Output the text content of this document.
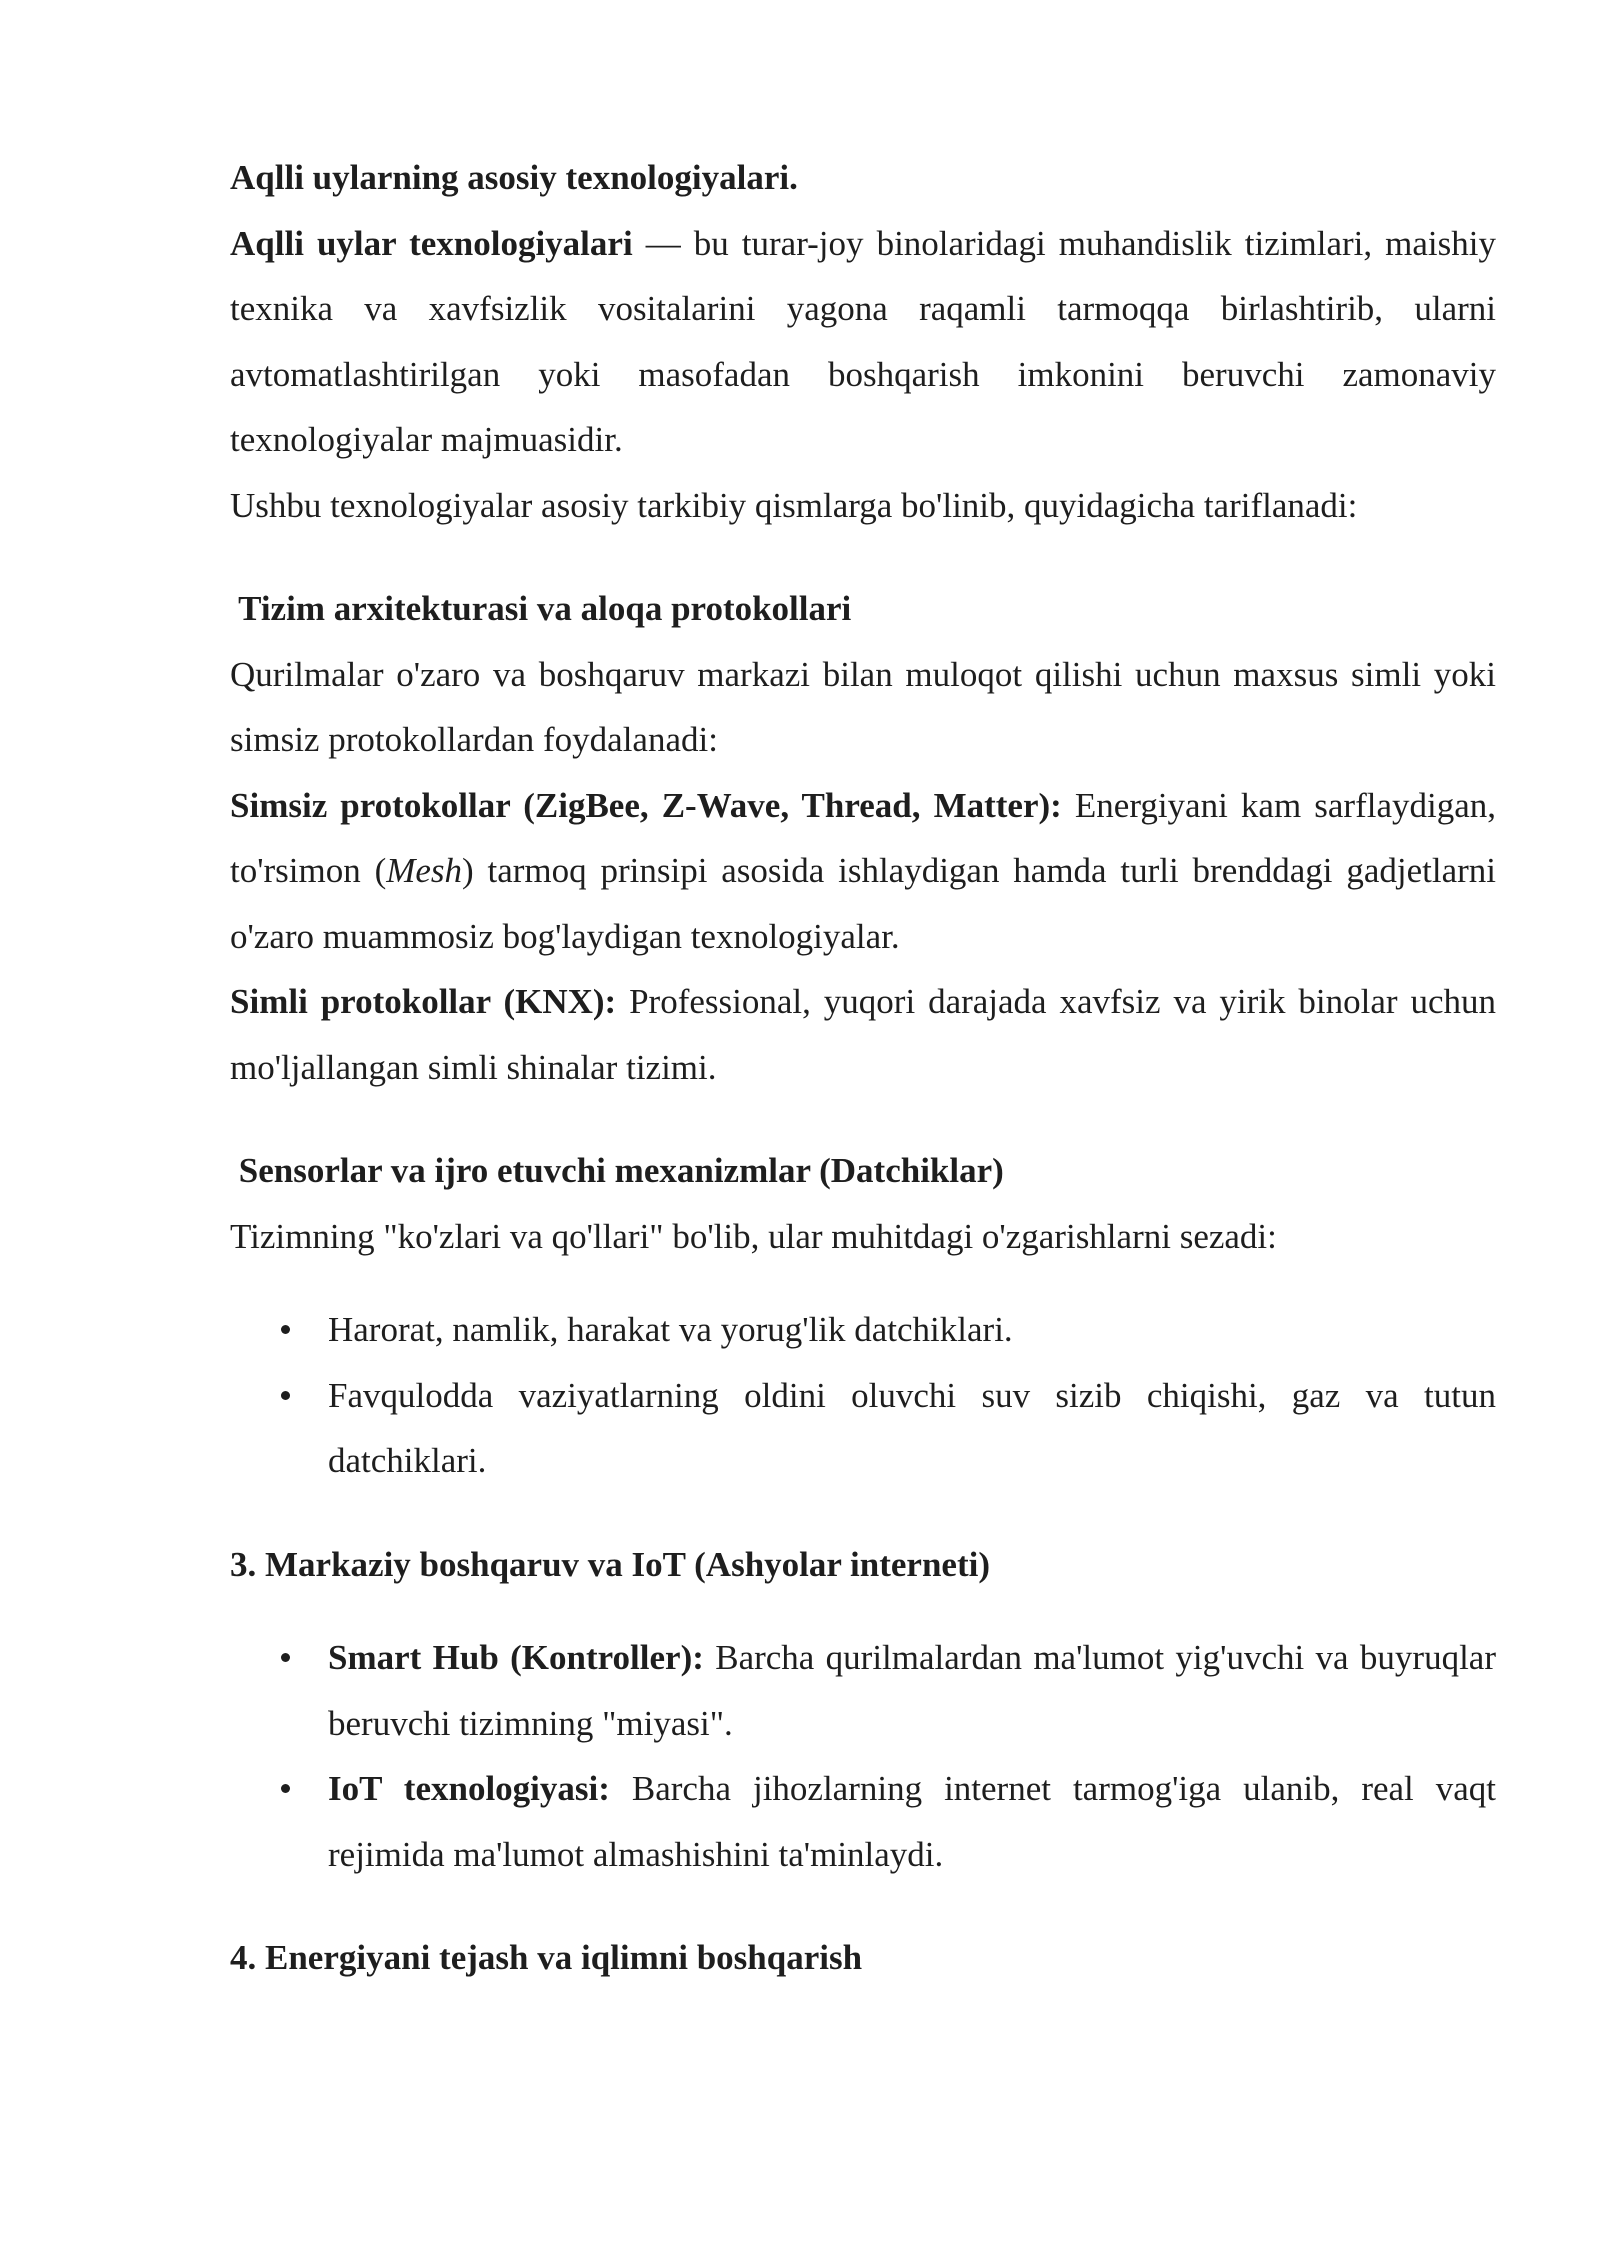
Aqlli uylarning asosiy texnologiyalari.

Aqlli uylar texnologiyalari — bu turar-joy binolaridagi muhandislik tizimlari, maishiy texnika va xavfsizlik vositalarini yagona raqamli tarmoqqa birlashtirib, ularni avtomatlashtirilgan yoki masofadan boshqarish imkonini beruvchi zamonaviy texnologiyalar majmuasidir.

Ushbu texnologiyalar asosiy tarkibiy qismlarga bo'linib, quyidagicha tariflanadi:

Tizim arxitekturasi va aloqa protokollari

Qurilmalar o'zaro va boshqaruv markazi bilan muloqot qilishi uchun maxsus simli yoki simsiz protokollardan foydalanadi:

Simsiz protokollar (ZigBee, Z-Wave, Thread, Matter): Energiyani kam sarflaydigan, to'rsimon (Mesh) tarmoq prinsipi asosida ishlaydigan hamda turli brenddagi gadjetlarni o'zaro muammosiz bog'laydigan texnologiyalar.

Simli protokollar (KNX): Professional, yuqori darajada xavfsiz va yirik binolar uchun mo'ljallangan simli shinalar tizimi.

Sensorlar va ijro etuvchi mexanizmlar (Datchiklar)

Tizimning "ko'zlari va qo'llari" bo'lib, ular muhitdagi o'zgarishlarni sezadi:

Harorat, namlik, harakat va yorug'lik datchiklari.
Favqulodda vaziyatlarning oldini oluvchi suv sizib chiqishi, gaz va tutun datchiklari.

3. Markaziy boshqaruv va IoT (Ashyolar interneti)

Smart Hub (Kontroller): Barcha qurilmalardan ma'lumot yig'uvchi va buyruqlar beruvchi tizimning "miyasi".
IoT texnologiyasi: Barcha jihozlarning internet tarmog'iga ulanib, real vaqt rejimida ma'lumot almashishini ta'minlaydi.

4. Energiyani tejash va iqlimni boshqarish
